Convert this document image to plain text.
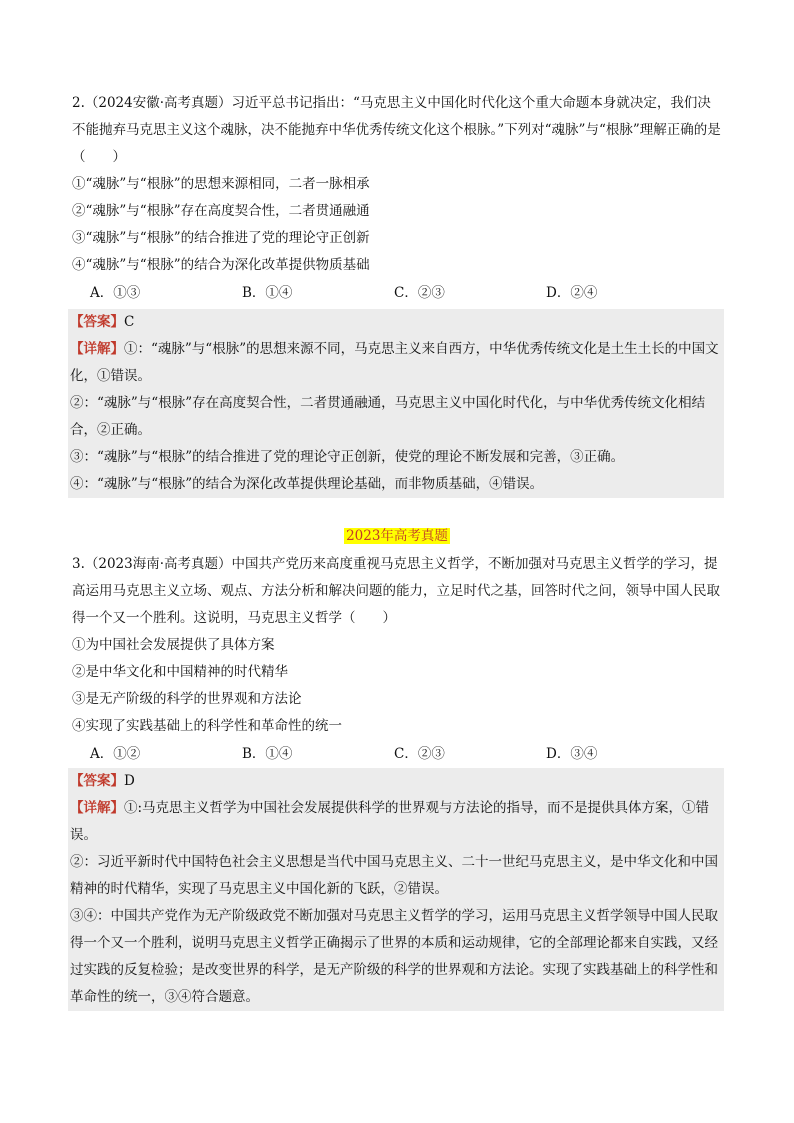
2.（2024安徽·高考真题）习近平总书记指出：“马克思主义中国化时代化这个重大命题本身就决定，我们决不能抛弃马克思主义这个魂脉，决不能抛弃中华优秀传统文化这个根脉。”下列对“魂脉”与“根脉”理解正确的是（　　）
①“魂脉”与“根脉”的思想来源相同，二者一脉相承
②“魂脉”与“根脉”存在高度契合性，二者贯通融通
③“魂脉”与“根脉”的结合推进了党的理论守正创新
④“魂脉”与“根脉”的结合为深化改革提供物质基础
A．①③	B．①④	C．②③	D．②④
【答案】C
【详解】①：“魂脉”与“根脉”的思想来源不同，马克思主义来自西方，中华优秀传统文化是土生土长的中国文化，①错误。
②：“魂脉”与“根脉”存在高度契合性，二者贯通融通，马克思主义中国化时代化，与中华优秀传统文化相结合，②正确。
③：“魂脉”与“根脉”的结合推进了党的理论守正创新，使党的理论不断发展和完善，③正确。
④：“魂脉”与“根脉”的结合为深化改革提供理论基础，而非物质基础，④错误。
2023年高考真题
3.（2023海南·高考真题）中国共产党历来高度重视马克思主义哲学，不断加强对马克思主义哲学的学习，提高运用马克思主义立场、观点、方法分析和解决问题的能力，立足时代之基，回答时代之问，领导中国人民取得一个又一个胜利。这说明，马克思主义哲学（　　）
①为中国社会发展提供了具体方案
②是中华文化和中国精神的时代精华
③是无产阶级的科学的世界观和方法论
④实现了实践基础上的科学性和革命性的统一
A．①②	B．①④	C．②③	D．③④
【答案】D
【详解】①:马克思主义哲学为中国社会发展提供科学的世界观与方法论的指导，而不是提供具体方案，①错误。
②：习近平新时代中国特色社会主义思想是当代中国马克思主义、二十一世纪马克思主义，是中华文化和中国精神的时代精华，实现了马克思主义中国化新的飞跃，②错误。
③④：中国共产党作为无产阶级政党不断加强对马克思主义哲学的学习，运用马克思主义哲学领导中国人民取得一个又一个胜利，说明马克思主义哲学正确揭示了世界的本质和运动规律，它的全部理论都来自实践，又经过实践的反复检验；是改变世界的科学，是无产阶级的科学的世界观和方法论。实现了实践基础上的科学性和革命性的统一，③④符合题意。
